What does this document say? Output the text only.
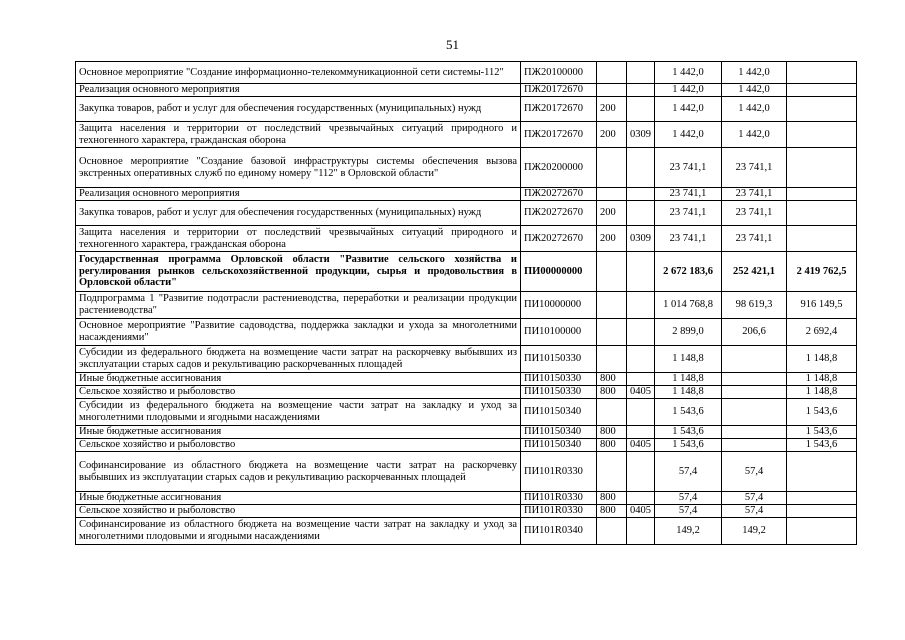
51
Основное мероприятие "Создание информационно-телекоммуникационной сети системы-112"	ПЖ20100000			1 442,0	1 442,0	
Реализация основного мероприятия	ПЖ20172670			1 442,0	1 442,0	
Закупка товаров, работ и услуг для обеспечения государственных (муниципальных) нужд	ПЖ20172670	200		1 442,0	1 442,0	
Защита населения и территории от последствий чрезвычайных ситуаций природного и техногенного характера, гражданская оборона	ПЖ20172670	200	0309	1 442,0	1 442,0	
Основное мероприятие "Создание базовой инфраструктуры системы обеспечения вызова экстренных оперативных служб по единому номеру "112" в Орловской области"	ПЖ20200000			23 741,1	23 741,1	
Реализация основного мероприятия	ПЖ20272670			23 741,1	23 741,1	
Закупка товаров, работ и услуг для обеспечения государственных (муниципальных) нужд	ПЖ20272670	200		23 741,1	23 741,1	
Защита населения и территории от последствий чрезвычайных ситуаций природного и техногенного характера, гражданская оборона	ПЖ20272670	200	0309	23 741,1	23 741,1	
Государственная программа Орловской области "Развитие сельского хозяйства и регулирования рынков сельскохозяйственной продукции, сырья и продовольствия в Орловской области"	ПИ00000000			2 672 183,6	252 421,1	2 419 762,5
Подпрограмма 1 "Развитие подотрасли растениеводства, переработки и реализации продукции растениеводства"	ПИ10000000			1 014 768,8	98 619,3	916 149,5
Основное мероприятие "Развитие садоводства, поддержка закладки и ухода за многолетними насаждениями"	ПИ10100000			2 899,0	206,6	2 692,4
Субсидии из федерального бюджета на возмещение части затрат на раскорчевку выбывших из эксплуатации старых садов и рекультивацию раскорчеванных площадей	ПИ10150330			1 148,8		1 148,8
Иные бюджетные ассигнования	ПИ10150330	800		1 148,8		1 148,8
Сельское хозяйство и рыболовство	ПИ10150330	800	0405	1 148,8		1 148,8
Субсидии из федерального бюджета на возмещение части затрат на закладку и уход за многолетними плодовыми и ягодными насаждениями	ПИ10150340			1 543,6		1 543,6
Иные бюджетные ассигнования	ПИ10150340	800		1 543,6		1 543,6
Сельское хозяйство и рыболовство	ПИ10150340	800	0405	1 543,6		1 543,6
Софинансирование из областного бюджета на возмещение части затрат на раскорчевку выбывших из эксплуатации старых садов и рекультивацию раскорчеванных площадей	ПИ101R0330			57,4	57,4	
Иные бюджетные ассигнования	ПИ101R0330	800		57,4	57,4	
Сельское хозяйство и рыболовство	ПИ101R0330	800	0405	57,4	57,4	
Софинансирование из областного бюджета на возмещение части затрат на закладку и уход за многолетними плодовыми и ягодными насаждениями	ПИ101R0340			149,2	149,2	
